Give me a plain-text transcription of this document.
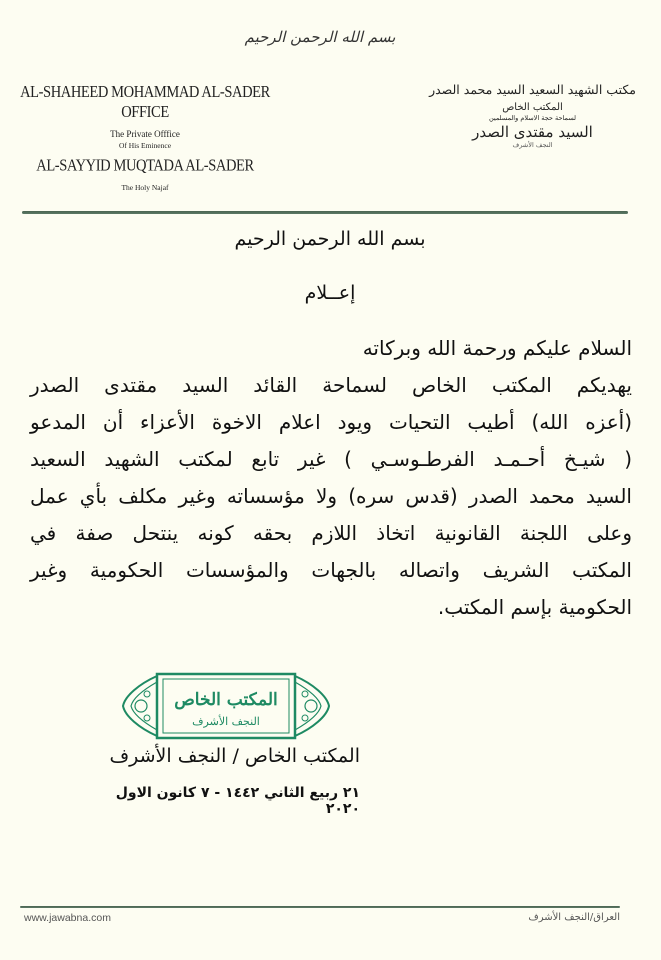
بسم الله الرحمن الرحيم
AL-SHAHEED MOHAMMAD AL-SADER OFFICE
The Private Offfice
Of His Eminence
AL-SAYYID MUQTADA AL-SADER
The Holy Najaf
مكتب الشهيد السعيد السيد محمد الصدر
المكتب الخاص
لسماحة حجة الاسلام والمسلمين
السيد مقتدى الصدر
النجف الأشرف
بسم الله الرحمن الرحيم
إعــلام
السلام عليكم ورحمة الله وبركاته
يهديكم المكتب الخاص لسماحة القائد السيد مقتدى الصدر
(أعزه الله) أطيب التحيات ويود اعلام الاخوة الأعزاء أن المدعو
( شيـخ أحـمـد الفرطـوسـي ) غير تابع لمكتب الشهيد السعيد
السيد محمد الصدر (قدس سره) ولا مؤسساته وغير مكلف بأي عمل
وعلى اللجنة القانونية اتخاذ اللازم بحقه كونه ينتحل صفة في
المكتب الشريف واتصاله بالجهات والمؤسسات الحكومية وغير
الحكومية بإسم المكتب.
المكتب الخاص
النجف الأشرف
المكتب الخاص / النجف الأشرف
٢١ ربيع الثاني ١٤٤٢ - ٧ كانون الاول ٢٠٢٠
www.jawabna.com	العراق/النجف الأشرف
